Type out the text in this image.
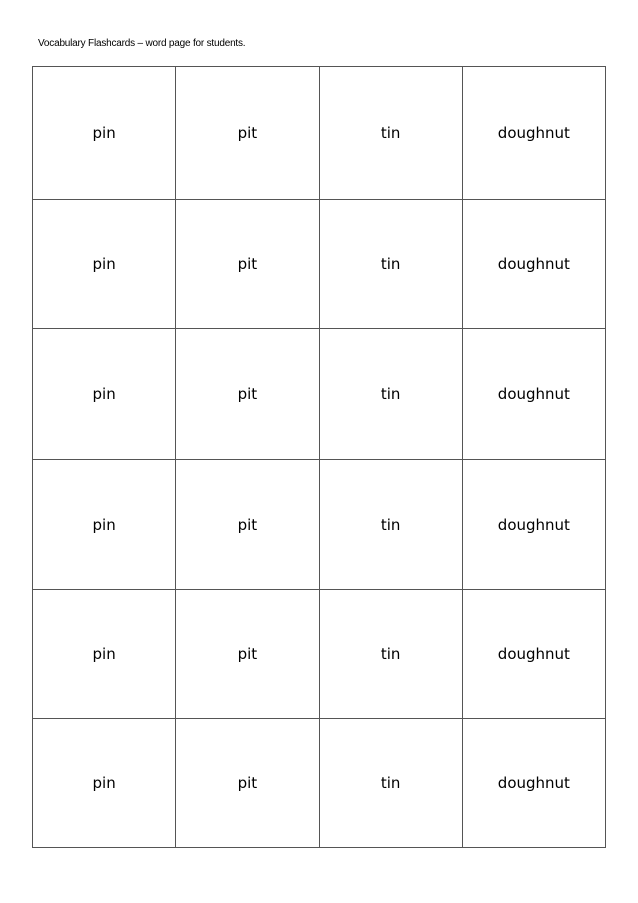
Vocabulary Flashcards – word page for students.
pin	pit	tin	doughnut
pin	pit	tin	doughnut
pin	pit	tin	doughnut
pin	pit	tin	doughnut
pin	pit	tin	doughnut
pin	pit	tin	doughnut
